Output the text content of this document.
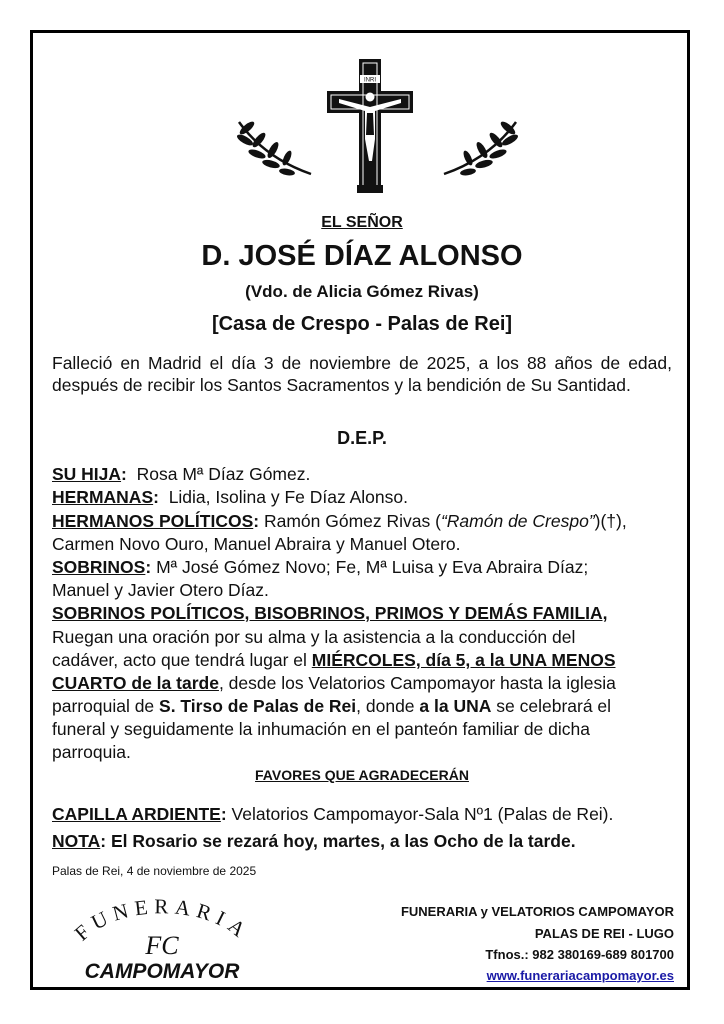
INRI
EL SEÑOR
D. JOSÉ DÍAZ ALONSO
(Vdo. de Alicia Gómez Rivas)
[Casa de Crespo - Palas de Rei]
Falleció en Madrid el día 3 de noviembre de 2025, a los 88 años de edad, después de recibir los Santos Sacramentos y la bendición de Su Santidad.
D.E.P.
SU HIJA: Rosa Mª Díaz Gómez.
HERMANAS: Lidia, Isolina y Fe Díaz Alonso.
HERMANOS POLÍTICOS: Ramón Gómez Rivas (“Ramón de Crespo”)(†),
Carmen Novo Ouro, Manuel Abraira y Manuel Otero.
SOBRINOS: Mª José Gómez Novo; Fe, Mª Luisa y Eva Abraira Díaz;
Manuel y Javier Otero Díaz.
SOBRINOS POLÍTICOS, BISOBRINOS, PRIMOS Y DEMÁS FAMILIA,
Ruegan una oración por su alma y la asistencia a la conducción del
cadáver, acto que tendrá lugar el MIÉRCOLES, día 5, a la UNA MENOS
CUARTO de la tarde, desde los Velatorios Campomayor hasta la iglesia
parroquial de S. Tirso de Palas de Rei, donde a la UNA se celebrará el
funeral y seguidamente la inhumación en el panteón familiar de dicha
parroquia.
FAVORES QUE AGRADECERÁN
CAPILLA ARDIENTE: Velatorios Campomayor-Sala Nº1 (Palas de Rei).
NOTA: El Rosario se rezará hoy, martes, a las Ocho de la tarde.
Palas de Rei, 4 de noviembre de 2025
FUNERARIA
FC
CAMPOMAYOR
FUNERARIA y VELATORIOS CAMPOMAYOR
PALAS DE REI - LUGO
Tfnos.: 982 380169-689 801700
www.funerariacampomayor.es
